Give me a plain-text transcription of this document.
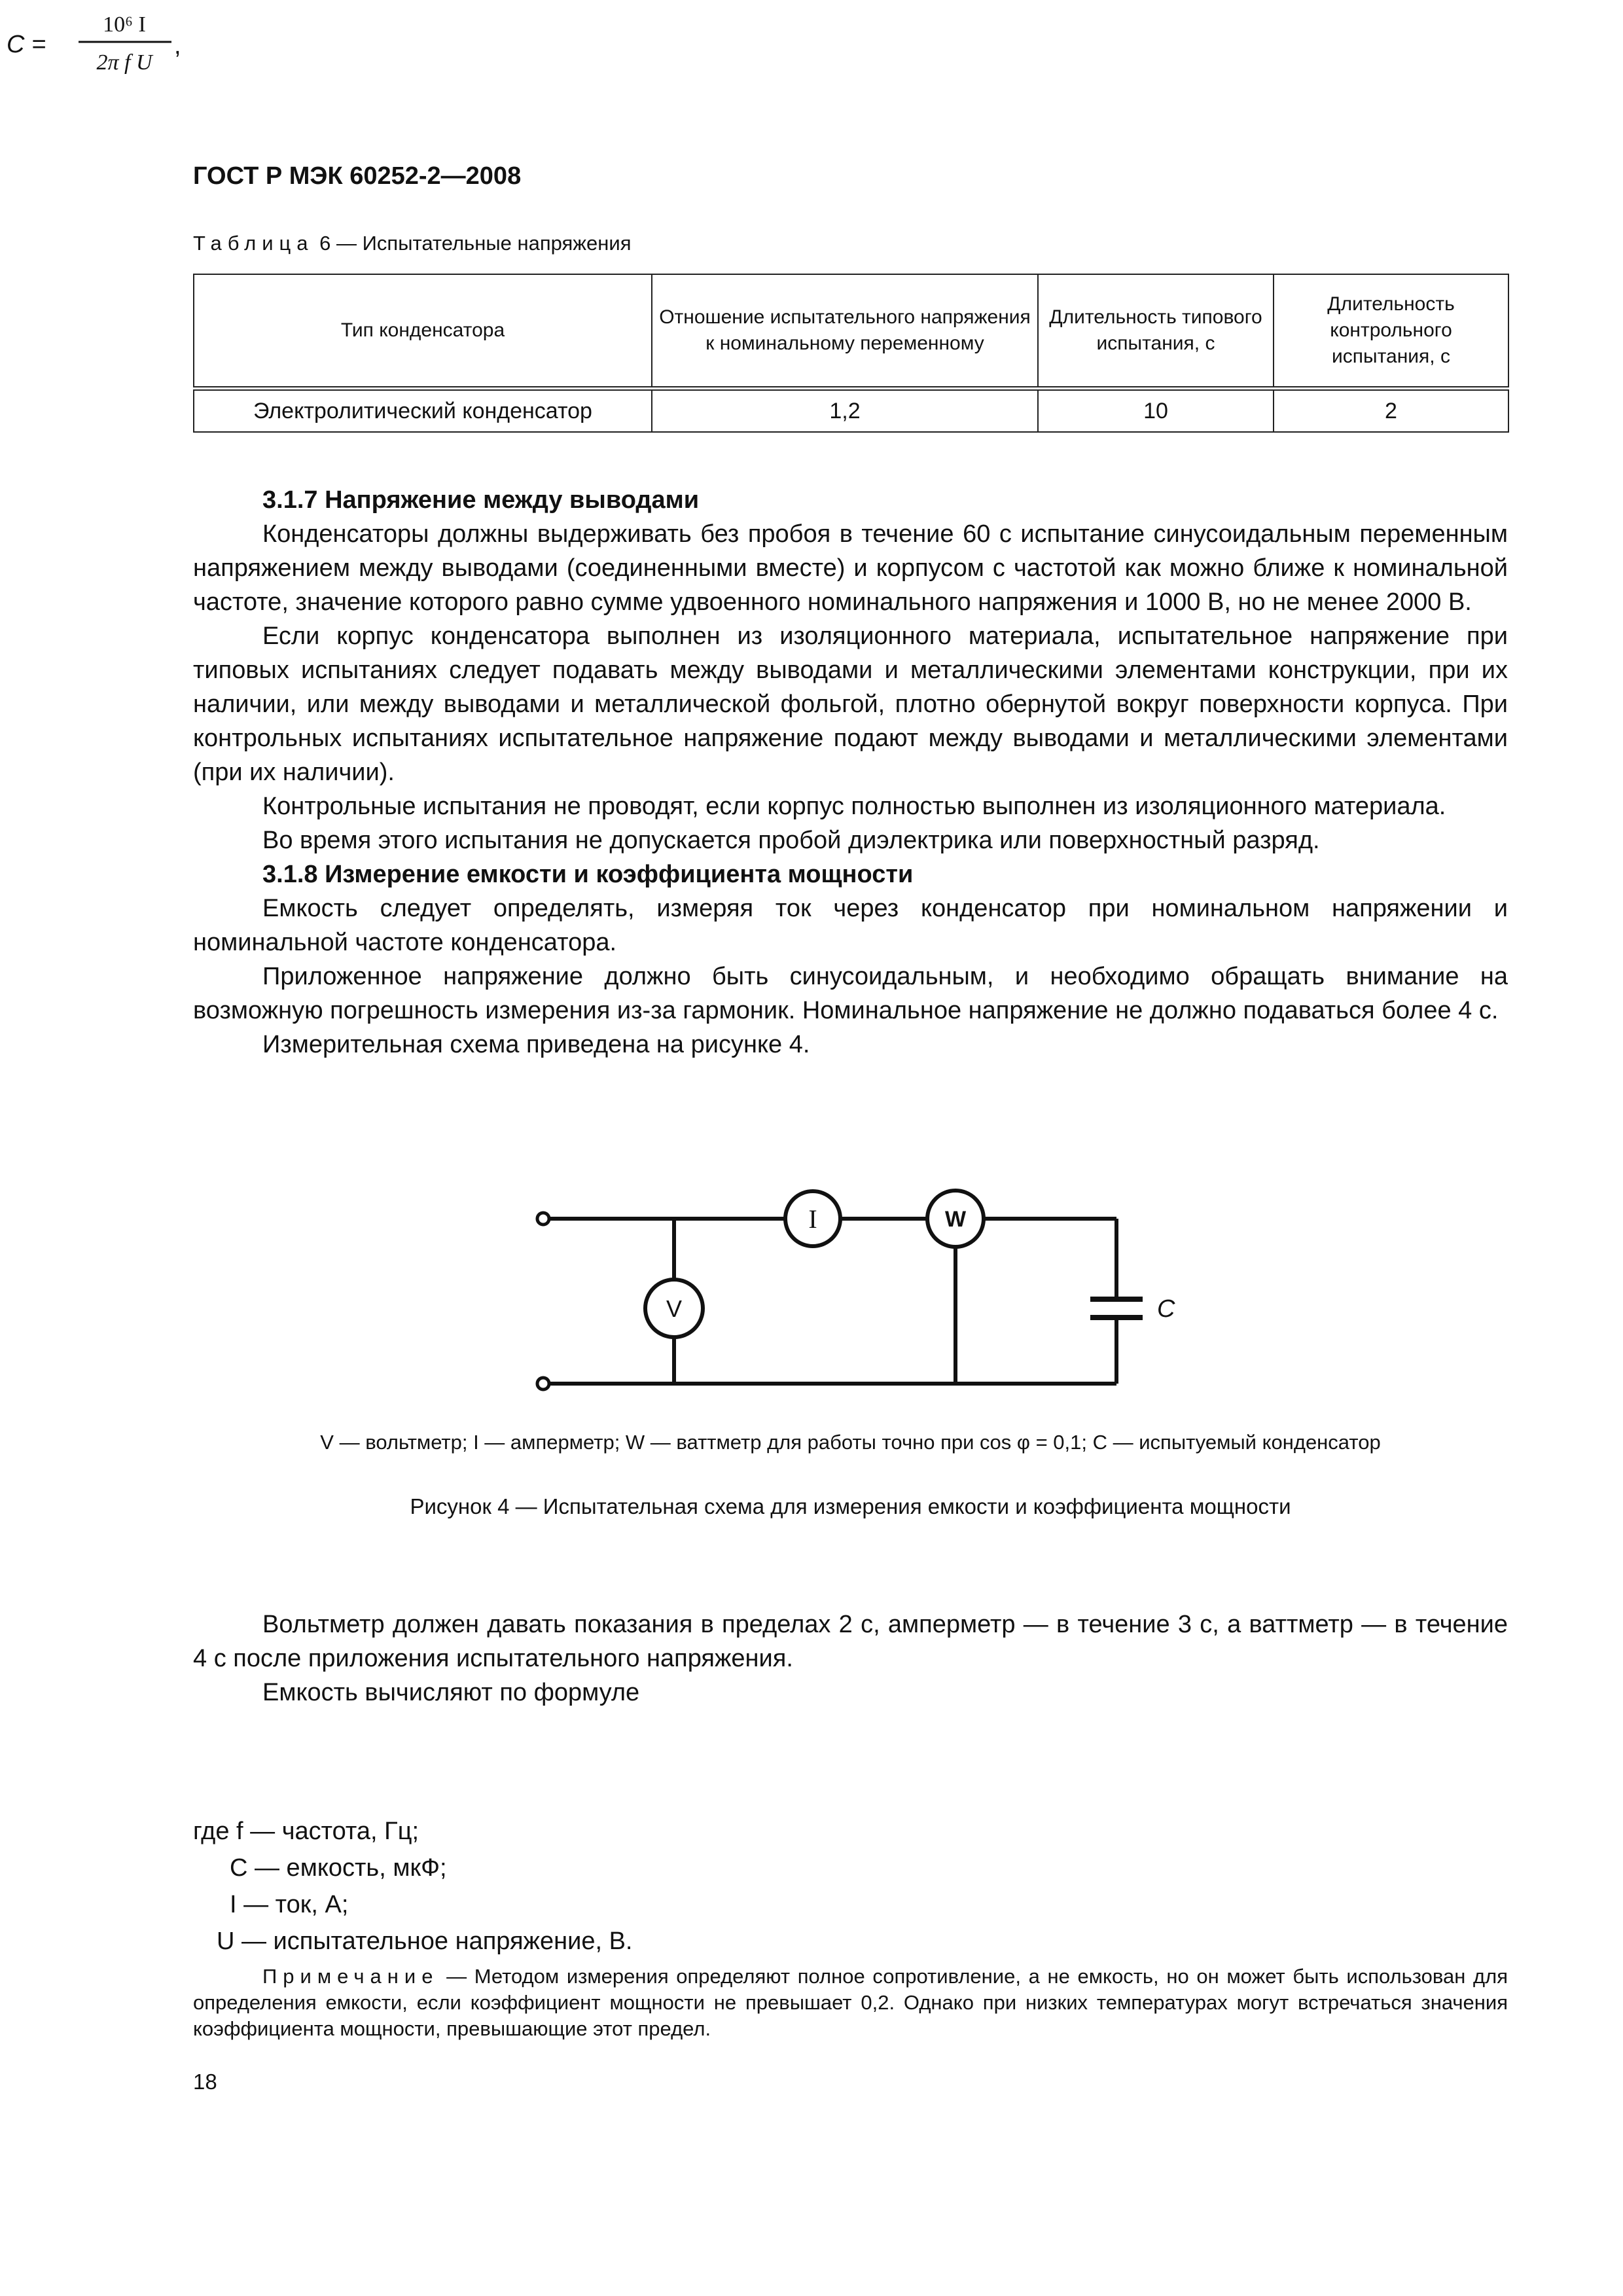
ГОСТ Р МЭК 60252-2—2008
Таблица 6 — Испытательные напряжения
Тип конденсатора	Отношение испытательного напряжения к номинальному переменному	Длительность типового испытания, с	Длительность контрольного испытания, с
Электролитический конденсатор	1,2	10	2

3.1.7 Напряжение между выводами

Конденсаторы должны выдерживать без пробоя в течение 60 с испытание синусоидальным переменным напряжением между выводами (соединенными вместе) и корпусом с частотой как можно ближе к номинальной частоте, значение которого равно сумме удвоенного номинального напряжения и 1000 В, но не менее 2000 В.

Если корпус конденсатора выполнен из изоляционного материала, испытательное напряжение при типовых испытаниях следует подавать между выводами и металлическими элементами конструкции, при их наличии, или между выводами и металлической фольгой, плотно обернутой вокруг поверхности корпуса. При контрольных испытаниях испытательное напряжение подают между выводами и металлическими элементами (при их наличии).

Контрольные испытания не проводят, если корпус полностью выполнен из изоляционного материала.

Во время этого испытания не допускается пробой диэлектрика или поверхностный разряд.

3.1.8 Измерение емкости и коэффициента мощности

Емкость следует определять, измеряя ток через конденсатор при номинальном напряжении и номинальной частоте конденсатора.

Приложенное напряжение должно быть синусоидальным, и необходимо обращать внимание на возможную погрешность измерения из-за гармоник. Номинальное напряжение не должно подаваться более 4 с.

Измерительная схема приведена на рисунке 4.

I	W
V	C
V — вольтметр; I — амперметр; W — ваттметр для работы точно при cos φ = 0,1; C — испытуемый конденсатор
Рисунок 4 — Испытательная схема для измерения емкости и коэффициента мощности

Вольтметр должен давать показания в пределах 2 с, амперметр — в течение 3 с, а ваттметр — в течение 4 с после приложения испытательного напряжения.

Емкость вычисляют по формуле

C =
10⁶ I
2π f U
,
где f — частота, Гц;
C — емкость, мкФ;
I — ток, А;
U — испытательное напряжение, В.
Примечание — Методом измерения определяют полное сопротивление, а не емкость, но он может быть использован для определения емкости, если коэффициент мощности не превышает 0,2. Однако при низких температурах могут встречаться значения коэффициента мощности, превышающие этот предел.
18
